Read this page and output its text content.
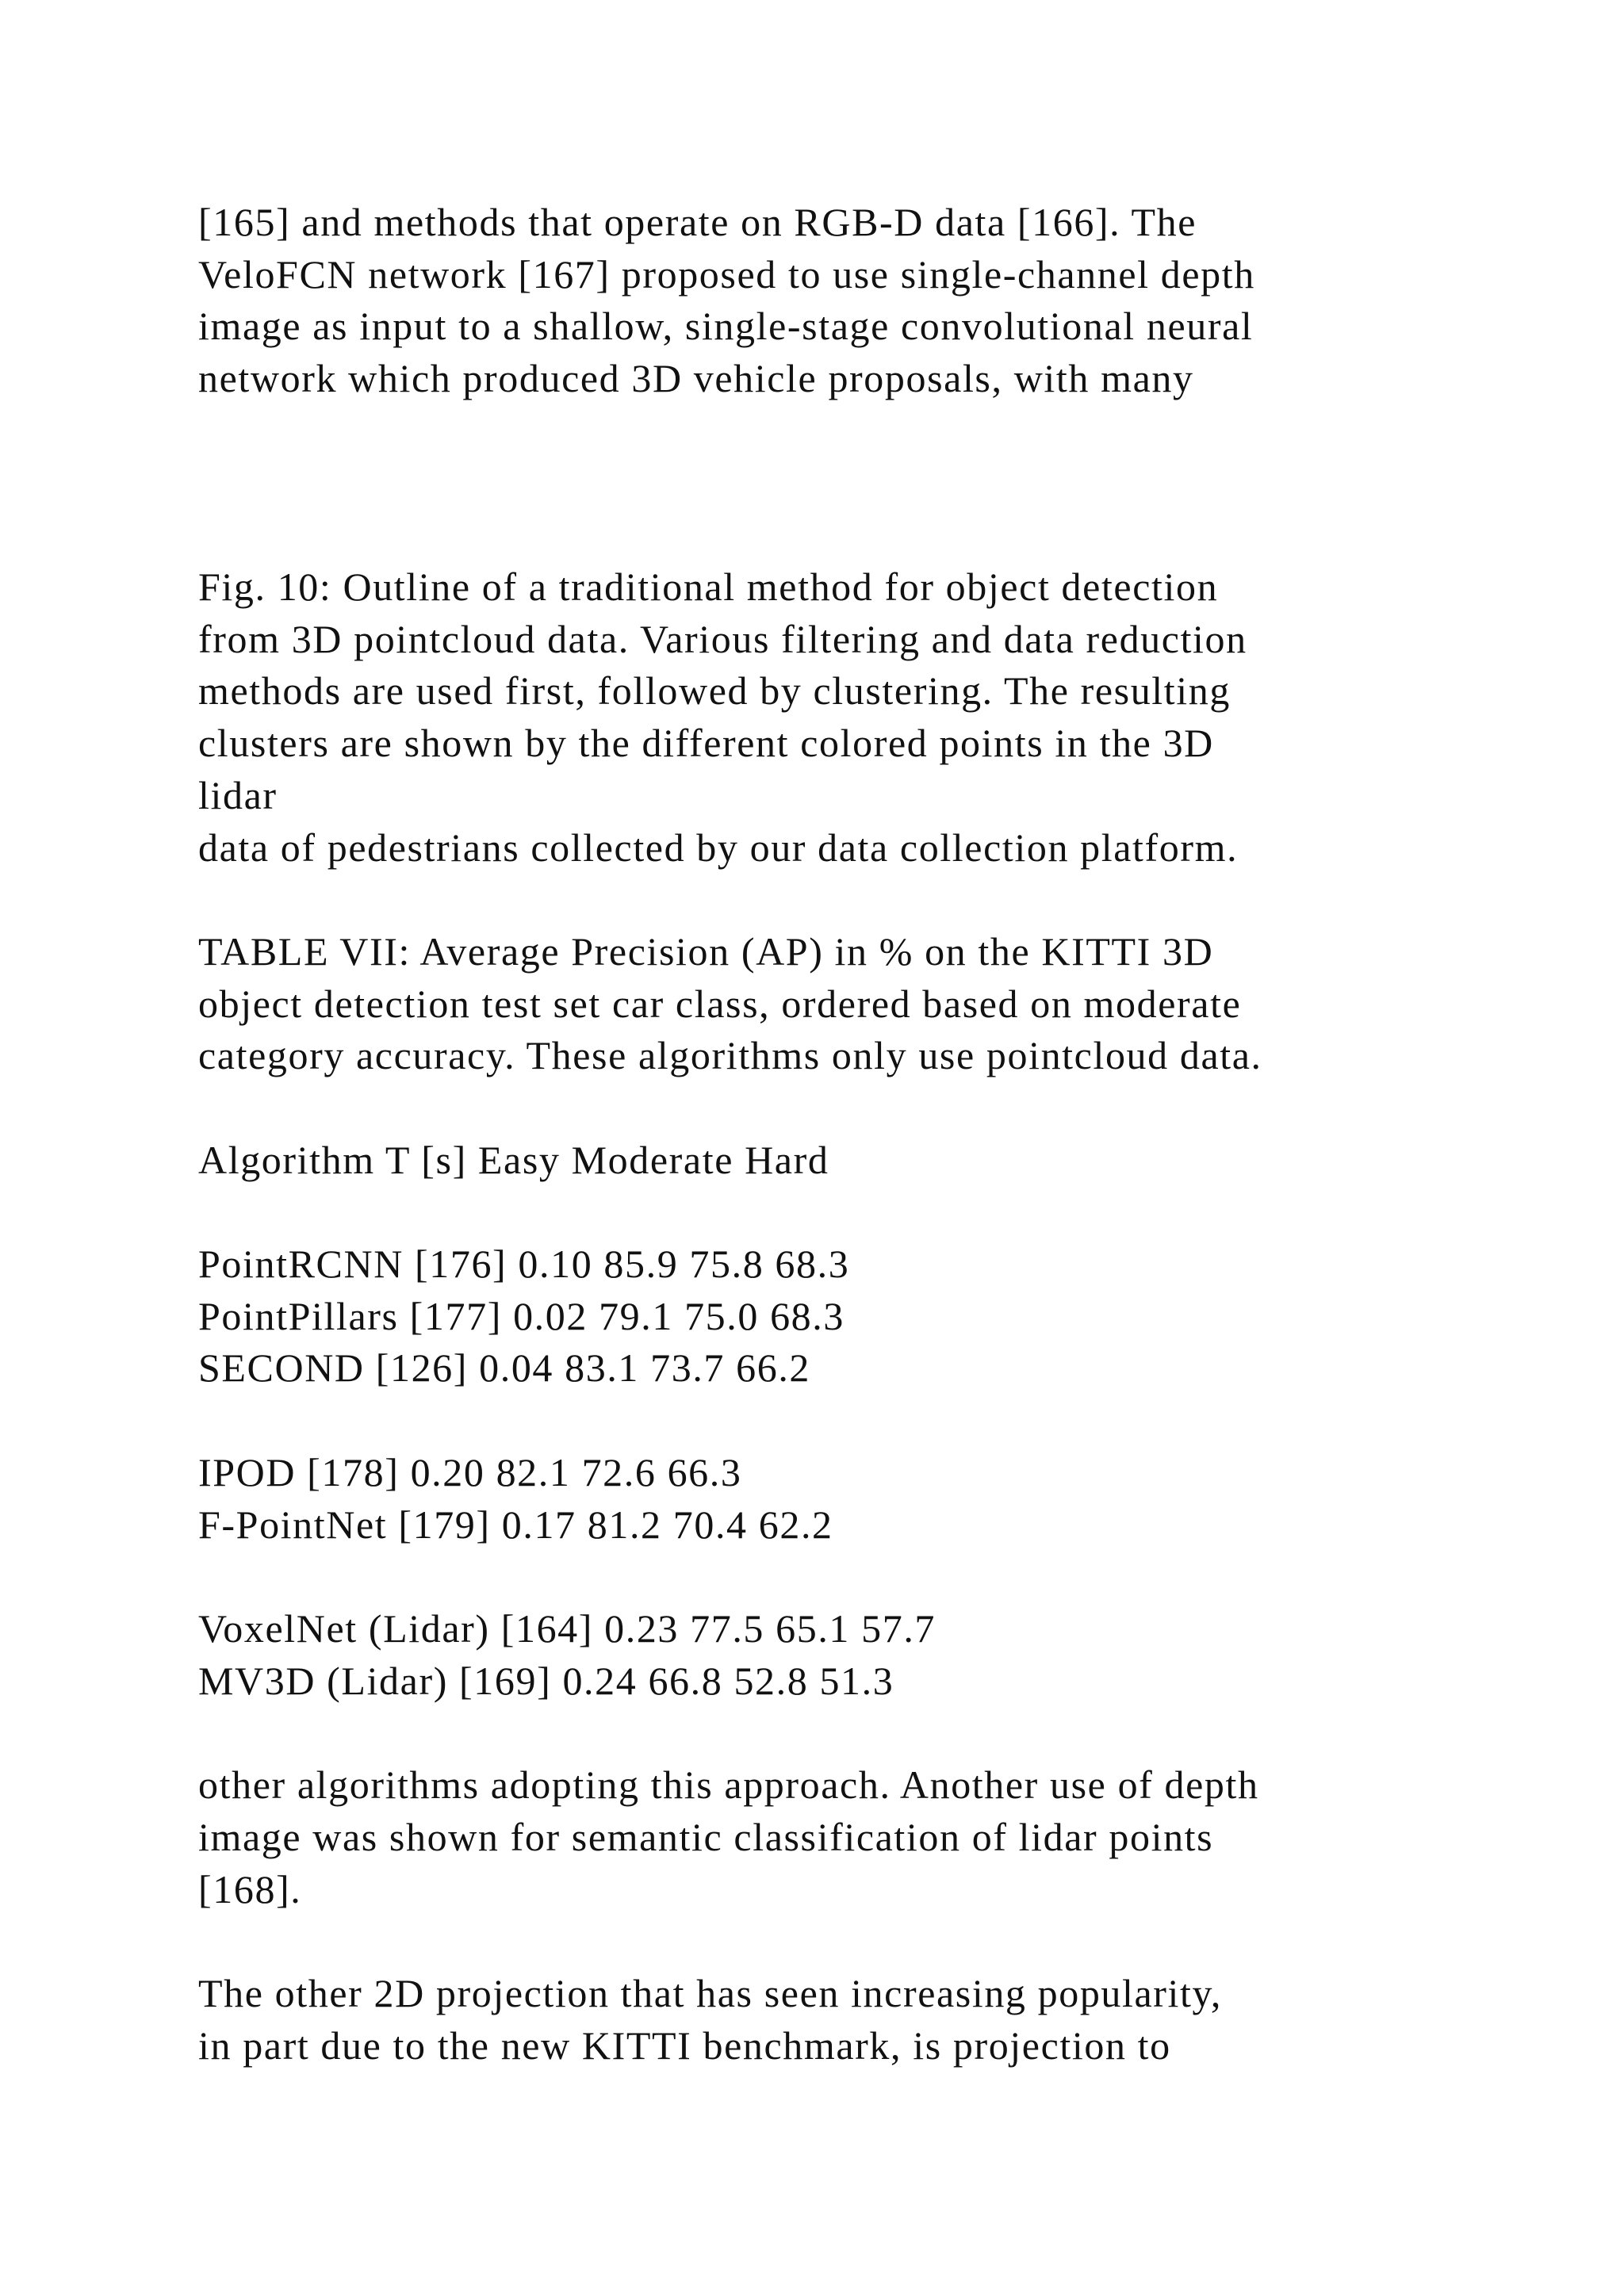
[165] and methods that operate on RGB-D data [166]. The

VeloFCN network [167] proposed to use single-channel depth

image as input to a shallow, single-stage convolutional neural

network which produced 3D vehicle proposals, with many

Fig. 10: Outline of a traditional method for object detection

from 3D pointcloud data. Various filtering and data reduction

methods are used first, followed by clustering. The resulting

clusters are shown by the different colored points in the 3D

lidar

data of pedestrians collected by our data collection platform.

TABLE VII: Average Precision (AP) in % on the KITTI 3D

object detection test set car class, ordered based on moderate

category accuracy. These algorithms only use pointcloud data.

Algorithm T [s] Easy Moderate Hard

PointRCNN [176] 0.10 85.9 75.8 68.3

PointPillars [177] 0.02 79.1 75.0 68.3

SECOND [126] 0.04 83.1 73.7 66.2

IPOD [178] 0.20 82.1 72.6 66.3

F-PointNet [179] 0.17 81.2 70.4 62.2

VoxelNet (Lidar) [164] 0.23 77.5 65.1 57.7

MV3D (Lidar) [169] 0.24 66.8 52.8 51.3

other algorithms adopting this approach. Another use of depth

image was shown for semantic classification of lidar points

[168].

The other 2D projection that has seen increasing popularity,

in part due to the new KITTI benchmark, is projection to
